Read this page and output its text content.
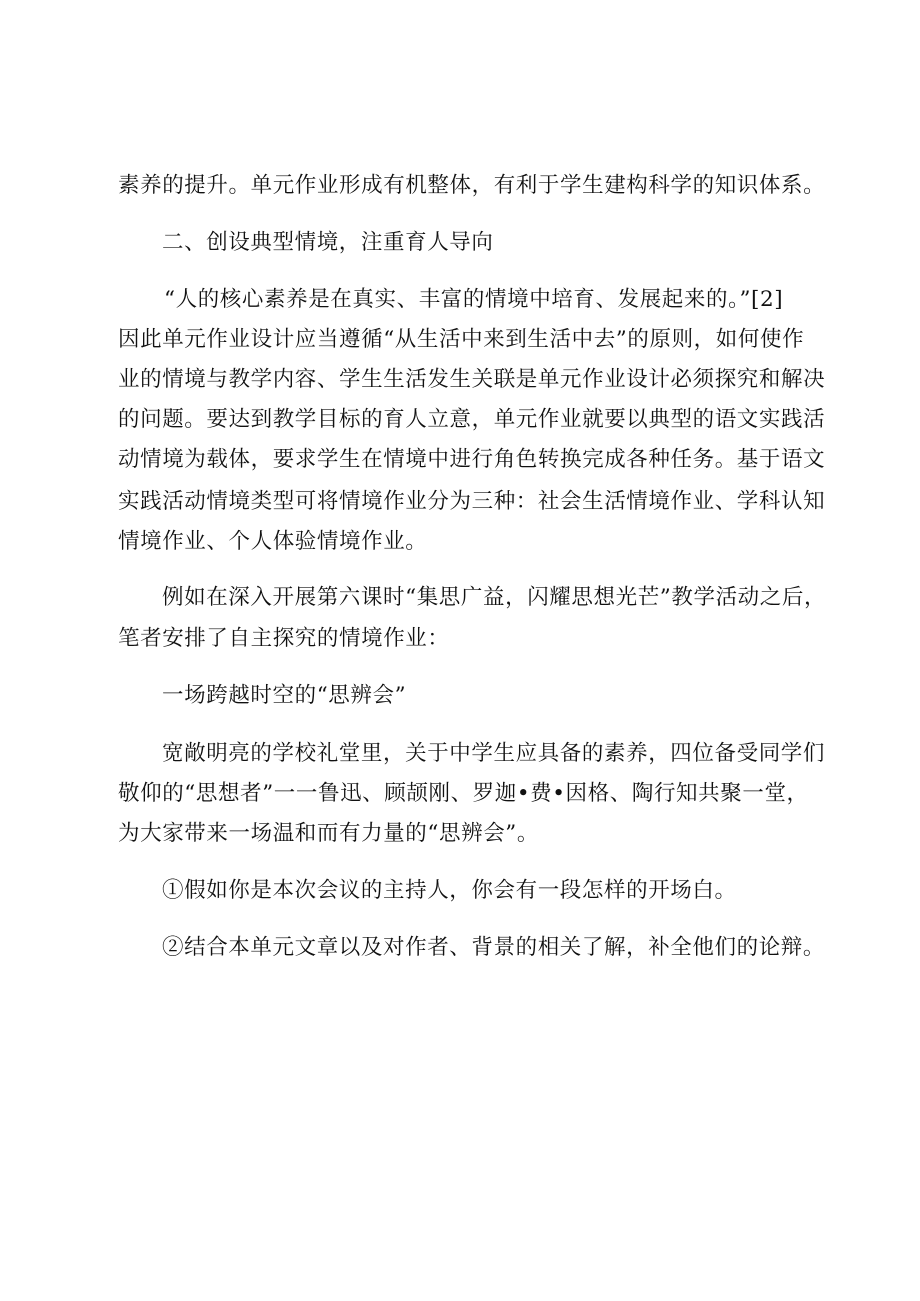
素养的提升。单元作业形成有机整体，有利于学生建构科学的知识体系。
二、创设典型情境，注重育人导向
“人的核心素养是在真实、丰富的情境中培育、发展起来的。”[2]
因此单元作业设计应当遵循“从生活中来到生活中去”的原则，如何使作
业的情境与教学内容、学生生活发生关联是单元作业设计必须探究和解决
的问题。要达到教学目标的育人立意，单元作业就要以典型的语文实践活
动情境为载体，要求学生在情境中进行角色转换完成各种任务。基于语文
实践活动情境类型可将情境作业分为三种：社会生活情境作业、学科认知
情境作业、个人体验情境作业。
例如在深入开展第六课时“集思广益，闪耀思想光芒”教学活动之后，
笔者安排了自主探究的情境作业：
一场跨越时空的“思辨会”
宽敞明亮的学校礼堂里，关于中学生应具备的素养，四位备受同学们
敬仰的“思想者”一一鲁迅、顾颉刚、罗迦•费•因格、陶行知共聚一堂，
为大家带来一场温和而有力量的“思辨会”。
①假如你是本次会议的主持人，你会有一段怎样的开场白。
②结合本单元文章以及对作者、背景的相关了解，补全他们的论辩。
